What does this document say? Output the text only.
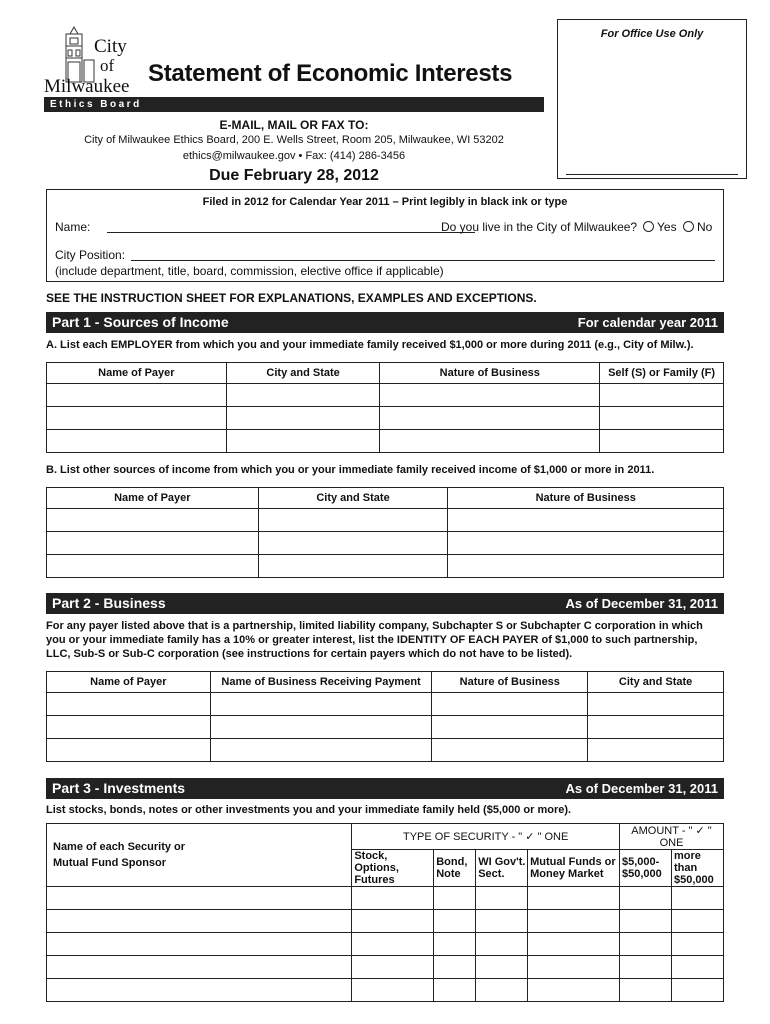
For Office Use Only
City
of
Milwaukee Statement of Economic Interests
Ethics Board
E-MAIL, MAIL OR FAX TO:
City of Milwaukee Ethics Board, 200 E. Wells Street, Room 205, Milwaukee, WI 53202
ethics@milwaukee.gov • Fax: (414) 286-3456
Due February 28, 2012
Filed in 2012 for Calendar Year 2011 – Print legibly in black ink or type
Name:	Do you live in the City of Milwaukee?	Yes	No
City Position:
(include department, title, board, commission, elective office if applicable)
SEE THE INSTRUCTION SHEET FOR EXPLANATIONS, EXAMPLES AND EXCEPTIONS.
Part 1 - Sources of Income	For calendar year 2011
A. List each EMPLOYER from which you and your immediate family received $1,000 or more during 2011 (e.g., City of Milw.).
Name of Payer	City and State	Nature of Business	Self (S) or Family (F)

B. List other sources of income from which you or your immediate family received income of $1,000 or more in 2011.
Name of Payer	City and State	Nature of Business

Part 2 - Business	As of December 31, 2011
For any payer listed above that is a partnership, limited liability company, Subchapter S or Subchapter C corporation in which you or your immediate family has a 10% or greater interest, list the IDENTITY OF EACH PAYER of $1,000 to such partnership, LLC, Sub-S or Sub-C corporation (see instructions for certain payers which do not have to be listed).
Name of Payer	Name of Business Receiving Payment	Nature of Business	City and State

Part 3 - Investments	As of December 31, 2011
List stocks, bonds, notes or other investments you and your immediate family held ($5,000 or more).
Name of each Security or
Mutual Fund Sponsor	TYPE OF SECURITY - " ✓ " ONE				AMOUNT - " ✓ " ONE	
	Stock, Options, Futures	Bond, Note	WI Gov't. Sect.	Mutual Funds or Money Market	$5,000- $50,000	more than $50,000
